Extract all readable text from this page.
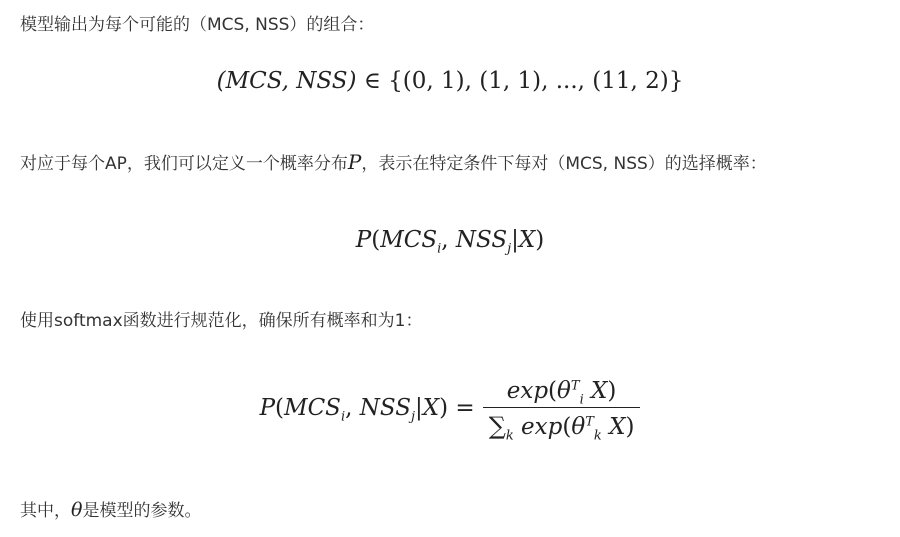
模型输出为每个可能的（MCS, NSS）的组合：

(MCS, NSS) ∈ {(0, 1), (1, 1), ..., (11, 2)}

对应于每个AP，我们可以定义一个概率分布P，表示在特定条件下每对（MCS, NSS）的选择概率：

$P(MCS_i$, $NSS_j|X$)

使用softmax函数进行规范化，确保所有概率和为1：

$P(MCS_i$, $NSS_j|X) = \frac{\exp(\theta^T_i X)}{\sum_k \exp(\theta^T_k X)}$

其中，θ是模型的参数。
